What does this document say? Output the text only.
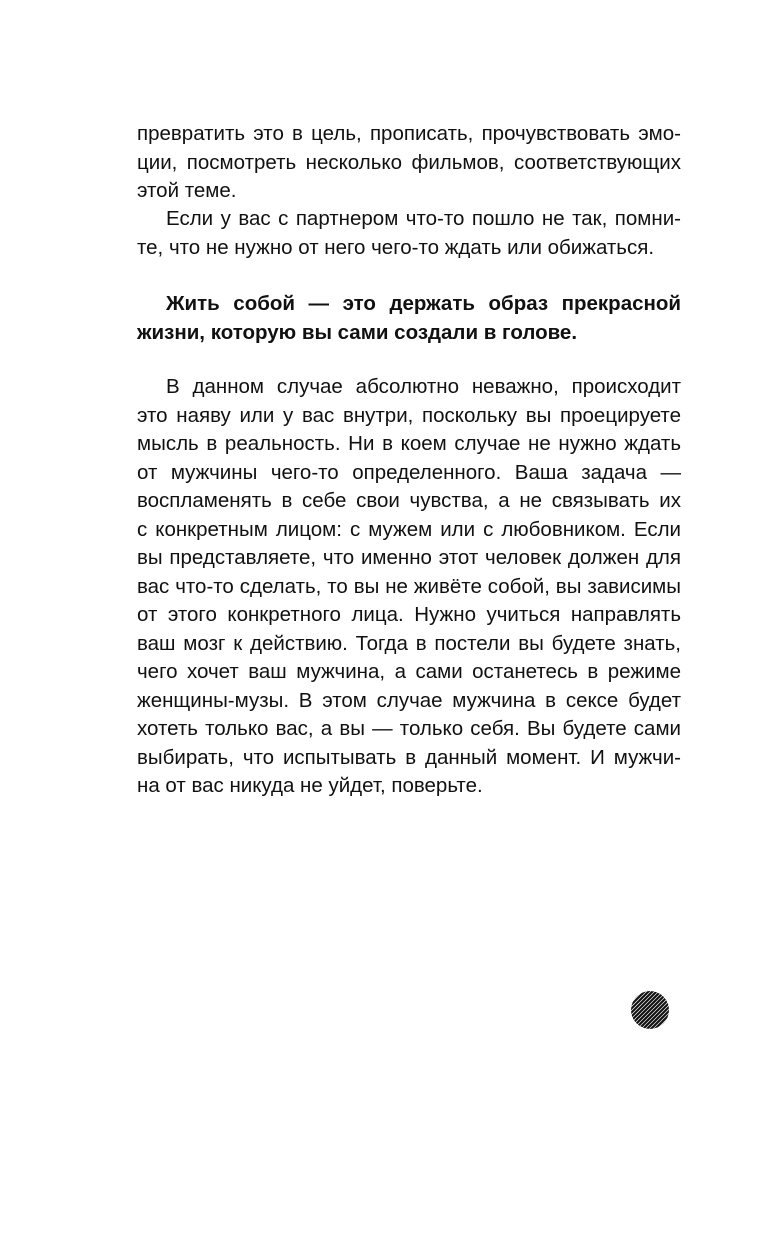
превратить это в цель, прописать, прочувствовать эмо-
ции, посмотреть несколько фильмов, соответствующих
этой теме.
Если у вас с партнером что-то пошло не так, помни-
те, что не нужно от него чего-то ждать или обижаться.
Жить собой — это держать образ прекрасной
жизни, которую вы сами создали в голове.
В данном случае абсолютно неважно, происходит
это наяву или у вас внутри, поскольку вы проецируете
мысль в реальность. Ни в коем случае не нужно ждать
от мужчины чего-то определенного. Ваша задача —
воспламенять в себе свои чувства, а не связывать их
с конкретным лицом: с мужем или с любовником. Если
вы представляете, что именно этот человек должен для
вас что-то сделать, то вы не живёте собой, вы зависимы
от этого конкретного лица. Нужно учиться направлять
ваш мозг к действию. Тогда в постели вы будете знать,
чего хочет ваш мужчина, а сами останетесь в режиме
женщины-музы. В этом случае мужчина в сексе будет
хотеть только вас, а вы — только себя. Вы будете сами
выбирать, что испытывать в данный момент. И мужчи-
на от вас никуда не уйдет, поверьте.
